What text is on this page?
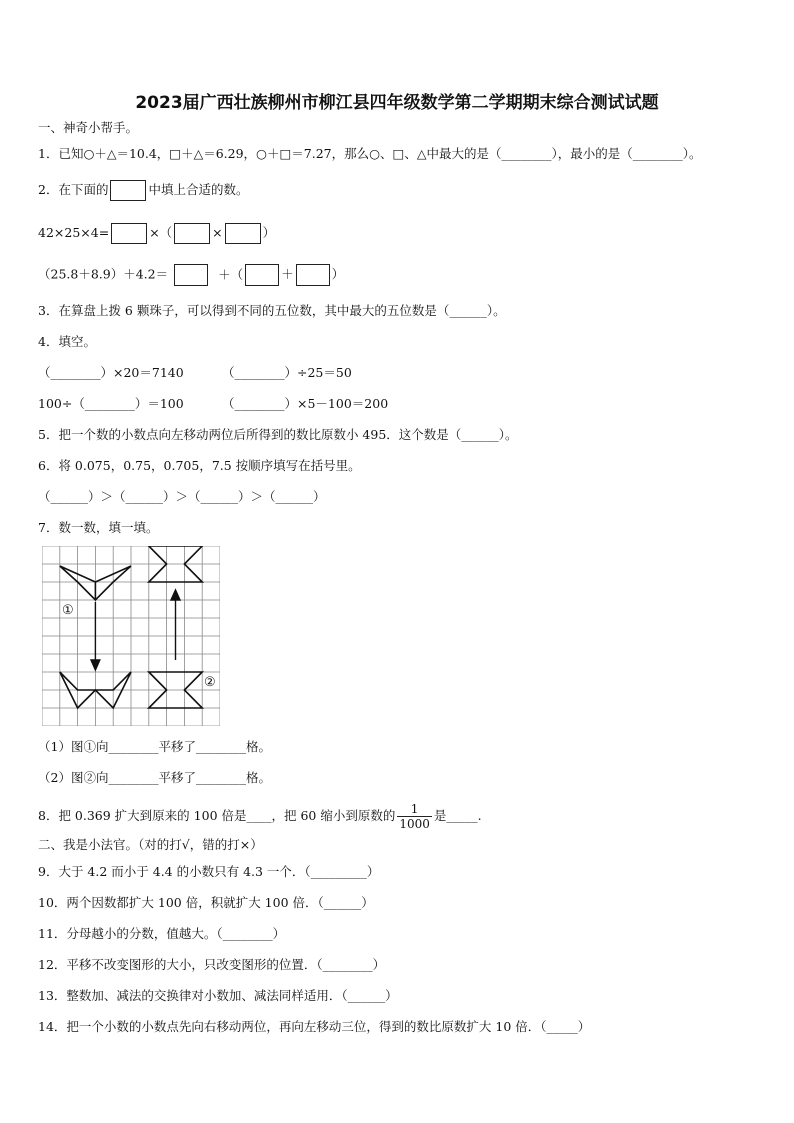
2023届广西壮族柳州市柳江县四年级数学第二学期期末综合测试试题
一、神奇小帮手。
1．已知○＋△＝10.4，□＋△＝6.29，○＋□＝7.27，那么○、□、△中最大的是（________），最小的是（________）。
2．在下面的	中填上合适的数。
42×25×4=	×（	×	）
（25.8＋8.9）＋4.2＝	＋（	＋	）
3．在算盘上拨 6 颗珠子，可以得到不同的五位数，其中最大的五位数是（______）。
4．填空。
（________）×20＝7140	（________）÷25＝50
100÷（________）＝100	（________）×5－100＝200
5．把一个数的小数点向左移动两位后所得到的数比原数小 495．这个数是（______）。
6．将 0.075，0.75，0.705，7.5 按顺序填写在括号里。
（______）＞（______）＞（______）＞（______）
7．数一数，填一填。
①
②
（1）图①向________平移了________格。
（2）图②向________平移了________格。
8．把 0.369 扩大到原来的 100 倍是____，把 60 缩小到原数的 $\frac{1}{1000}$ 是_____.
二、我是小法官。（对的打√，错的打×）
9．大于 4.2 而小于 4.4 的小数只有 4.3 一个．（_________）
10．两个因数都扩大 100 倍，积就扩大 100 倍．（______）
11．分母越小的分数，值越大。（________）
12．平移不改变图形的大小，只改变图形的位置．（________）
13．整数加、减法的交换律对小数加、减法同样适用．（______）
14．把一个小数的小数点先向右移动两位，再向左移动三位，得到的数比原数扩大 10 倍．（_____）
